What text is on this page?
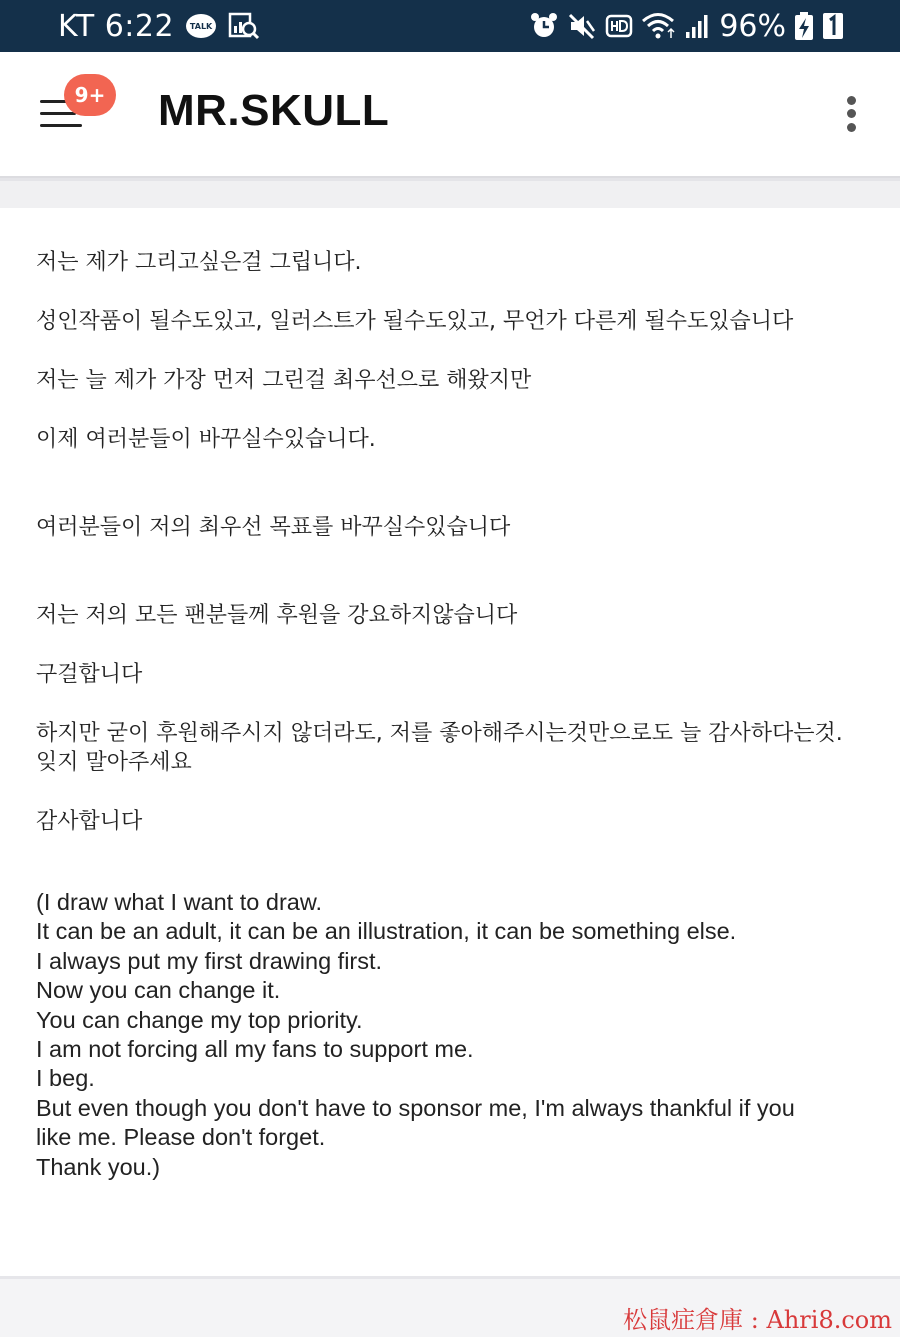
KT 6:22 TALK	96%
9+ MR.SKULL
저는 제가 그리고싶은걸 그립니다.
성인작품이 될수도있고, 일러스트가 될수도있고, 무언가 다른게 될수도있습니다
저는 늘 제가 가장 먼저 그린걸 최우선으로 해왔지만
이제 여러분들이 바꾸실수있습니다.
여러분들이 저의 최우선 목표를 바꾸실수있습니다
저는 저의 모든 팬분들께 후원을 강요하지않습니다
구걸합니다
하지만 굳이 후원해주시지 않더라도, 저를 좋아해주시는것만으로도 늘 감사하다는것.
잊지 말아주세요
감사합니다
(I draw what I want to draw.
It can be an adult, it can be an illustration, it can be something else.
I always put my first drawing first.
Now you can change it.
You can change my top priority.
I am not forcing all my fans to support me.
I beg.
But even though you don't have to sponsor me, I'm always thankful if you
like me. Please don't forget.
Thank you.)
松鼠症倉庫 : Ahri8.com
